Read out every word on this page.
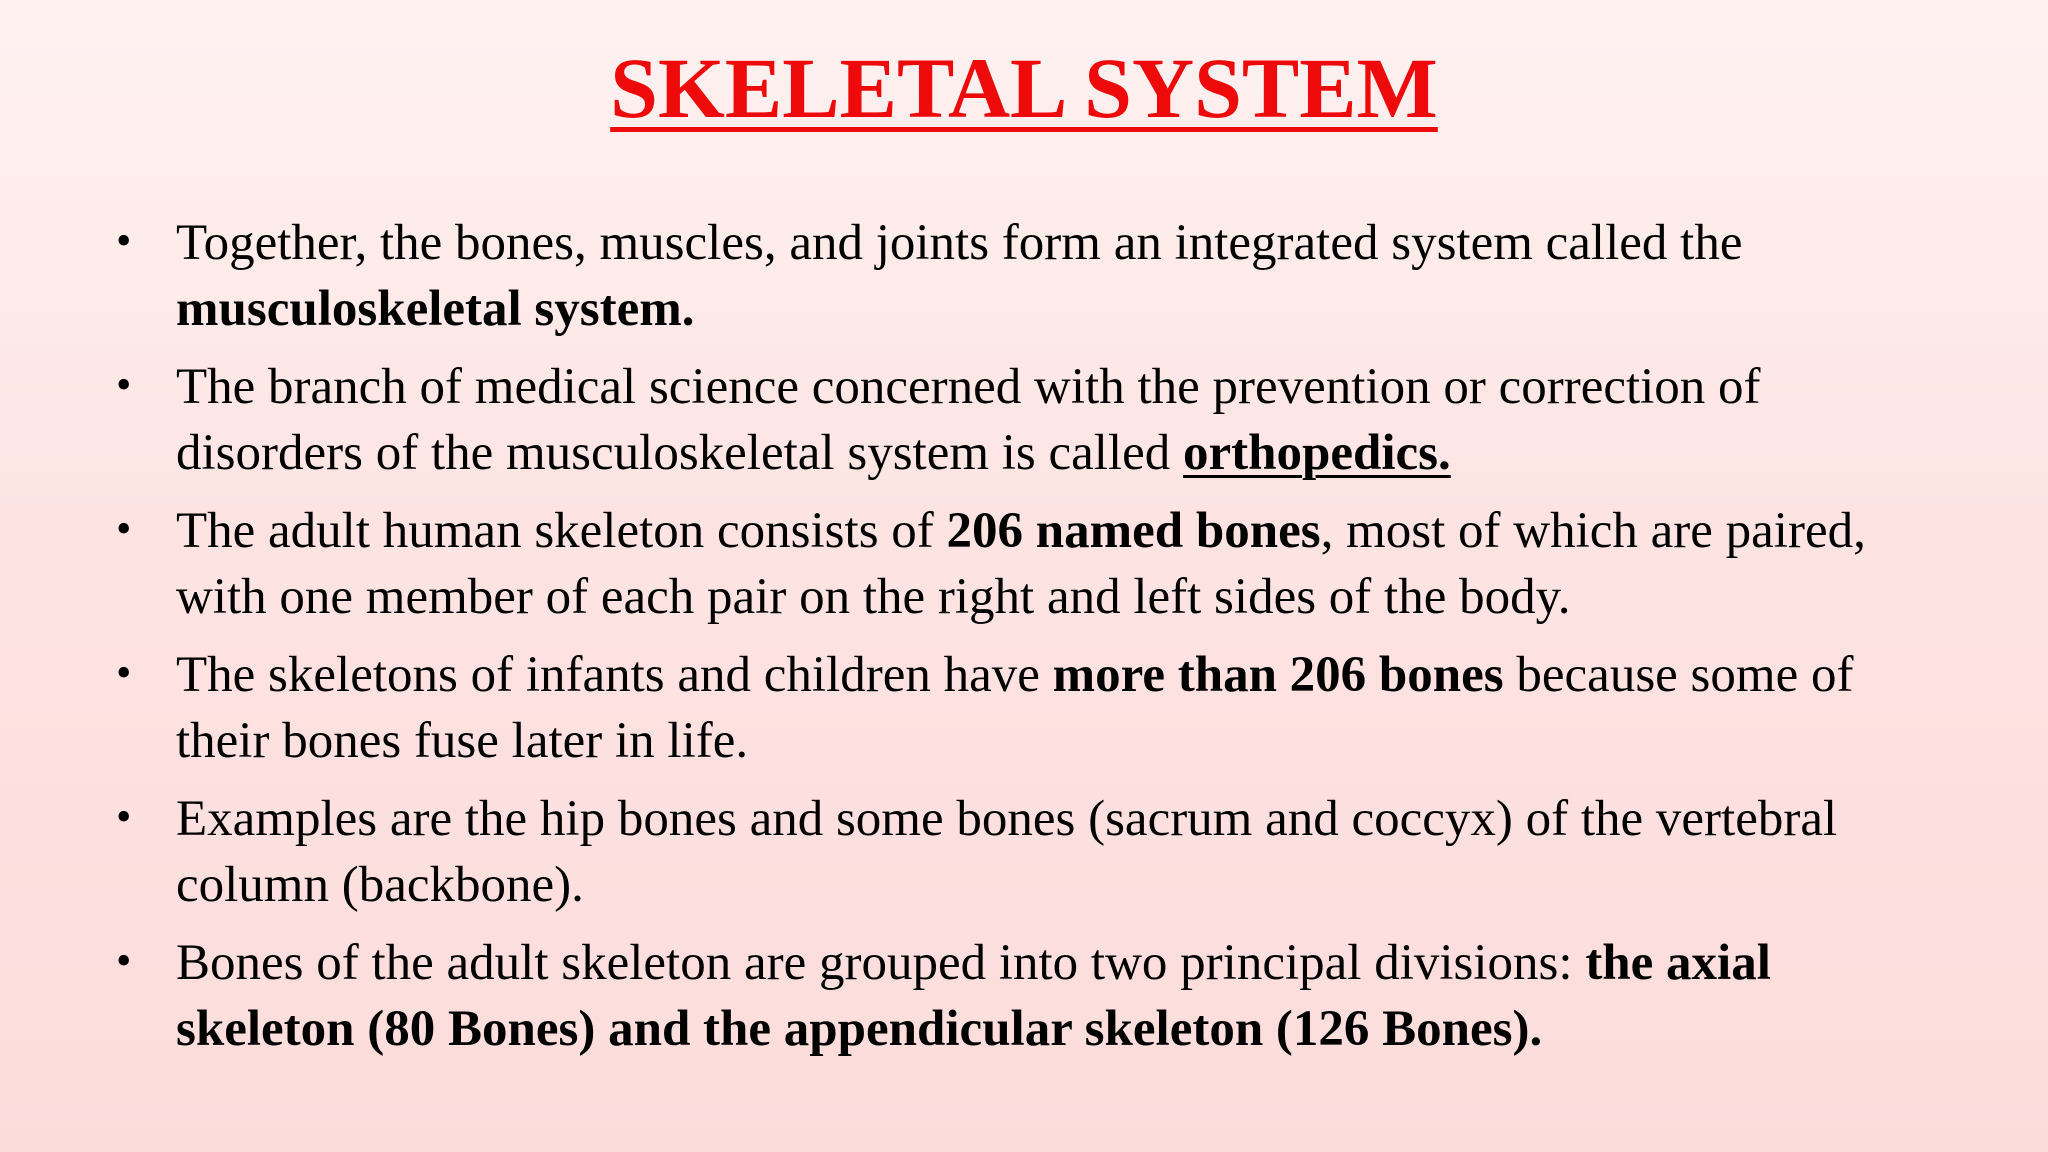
SKELETAL SYSTEM
• Together, the bones, muscles, and joints form an integrated system called the musculoskeletal system.
• The branch of medical science concerned with the prevention or correction of disorders of the musculoskeletal system is called orthopedics.
• The adult human skeleton consists of 206 named bones, most of which are paired, with one member of each pair on the right and left sides of the body.
• The skeletons of infants and children have more than 206 bones because some of their bones fuse later in life.
• Examples are the hip bones and some bones (sacrum and coccyx) of the vertebral column (backbone).
• Bones of the adult skeleton are grouped into two principal divisions: the axial skeleton (80 Bones) and the appendicular skeleton (126 Bones).
